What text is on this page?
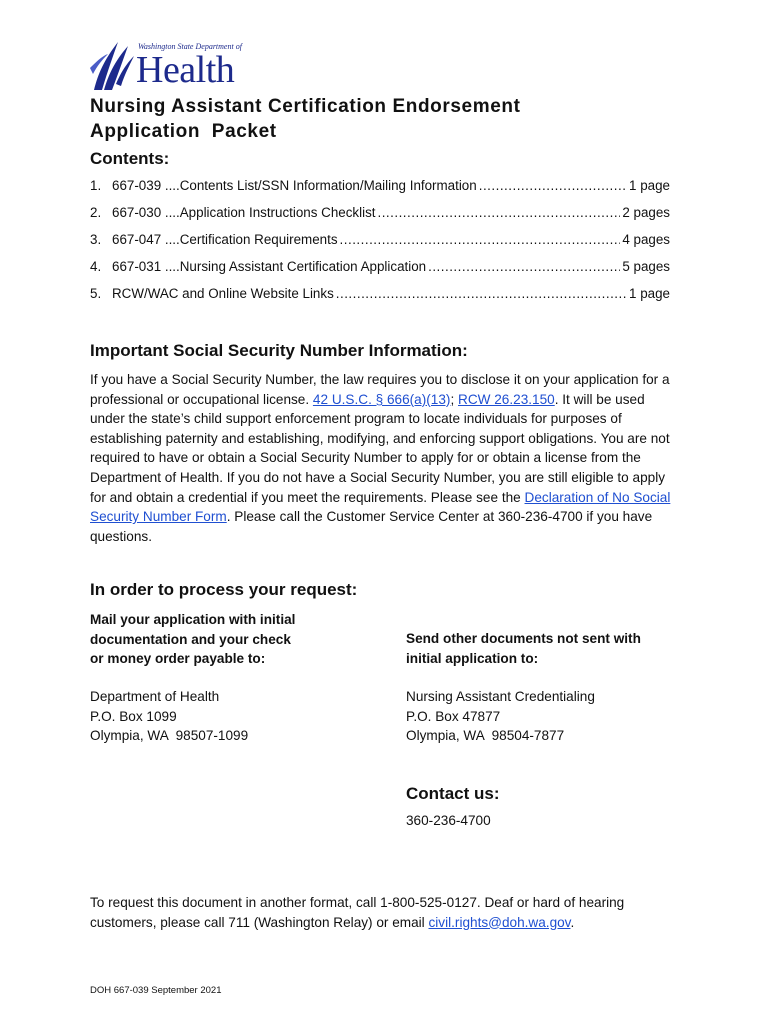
Washington State Department of
Health
Nursing Assistant Certification Endorsement
Application  Packet
Contents:
1. 667-039 ....Contents List/SSN Information/Mailing Information .....	1 page
2. 667-030 ....Application Instructions Checklist .....	2 pages
3. 667-047 ....Certification Requirements .....	4 pages
4. 667-031 ....Nursing Assistant Certification Application .....	5 pages
5. RCW/WAC and Online Website Links .....	1 page
Important Social Security Number Information:

If you have a Social Security Number, the law requires you to disclose it on your application for a professional or occupational license. 42 U.S.C. § 666(a)(13); RCW 26.23.150. It will be used under the state’s child support enforcement program to locate individuals for purposes of establishing paternity and establishing, modifying, and enforcing support obligations. You are not required to have or obtain a Social Security Number to apply for or obtain a license from the Department of Health. If you do not have a Social Security Number, you are still eligible to apply for and obtain a credential if you meet the requirements. Please see the Declaration of No Social Security Number Form. Please call the Customer Service Center at 360-236-4700 if you have questions.

In order to process your request:
Mail your application with initial
documentation and your check
or money order payable to:
Send other documents not sent with
initial application to:
Department of Health
P.O. Box 1099
Olympia, WA  98507-1099
Nursing Assistant Credentialing
P.O. Box 47877
Olympia, WA  98504-7877
Contact us:

360-236-4700

To request this document in another format, call 1-800-525-0127. Deaf or hard of hearing customers, please call 711 (Washington Relay) or email civil.rights@doh.wa.gov.

DOH 667-039 September 2021
